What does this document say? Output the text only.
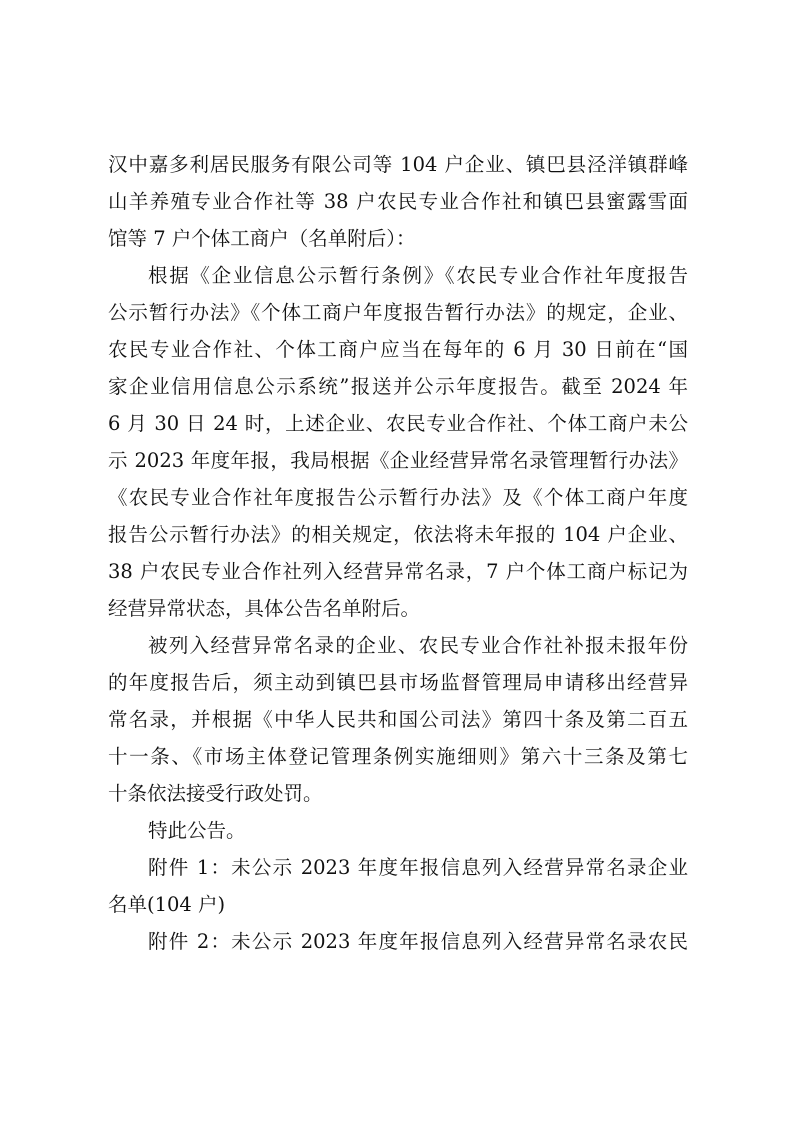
汉中嘉多利居民服务有限公司等 104 户企业、镇巴县泾洋镇群峰
山羊养殖专业合作社等 38 户农民专业合作社和镇巴县蜜露雪面
馆等 7 户个体工商户（名单附后）：
根据《企业信息公示暂行条例》《农民专业合作社年度报告
公示暂行办法》《个体工商户年度报告暂行办法》的规定，企业、
农民专业合作社、个体工商户应当在每年的 6 月 30 日前在“国
家企业信用信息公示系统”报送并公示年度报告。截至 2024 年
6 月 30 日 24 时，上述企业、农民专业合作社、个体工商户未公
示 2023 年度年报，我局根据《企业经营异常名录管理暂行办法》
《农民专业合作社年度报告公示暂行办法》及《个体工商户年度
报告公示暂行办法》的相关规定，依法将未年报的 104 户企业、
38 户农民专业合作社列入经营异常名录，7 户个体工商户标记为
经营异常状态，具体公告名单附后。
被列入经营异常名录的企业、农民专业合作社补报未报年份
的年度报告后，须主动到镇巴县市场监督管理局申请移出经营异
常名录，并根据《中华人民共和国公司法》第四十条及第二百五
十一条、《市场主体登记管理条例实施细则》第六十三条及第七
十条依法接受行政处罚。
特此公告。
附件 1：未公示 2023 年度年报信息列入经营异常名录企业
名单(104 户)
附件 2：未公示 2023 年度年报信息列入经营异常名录农民
